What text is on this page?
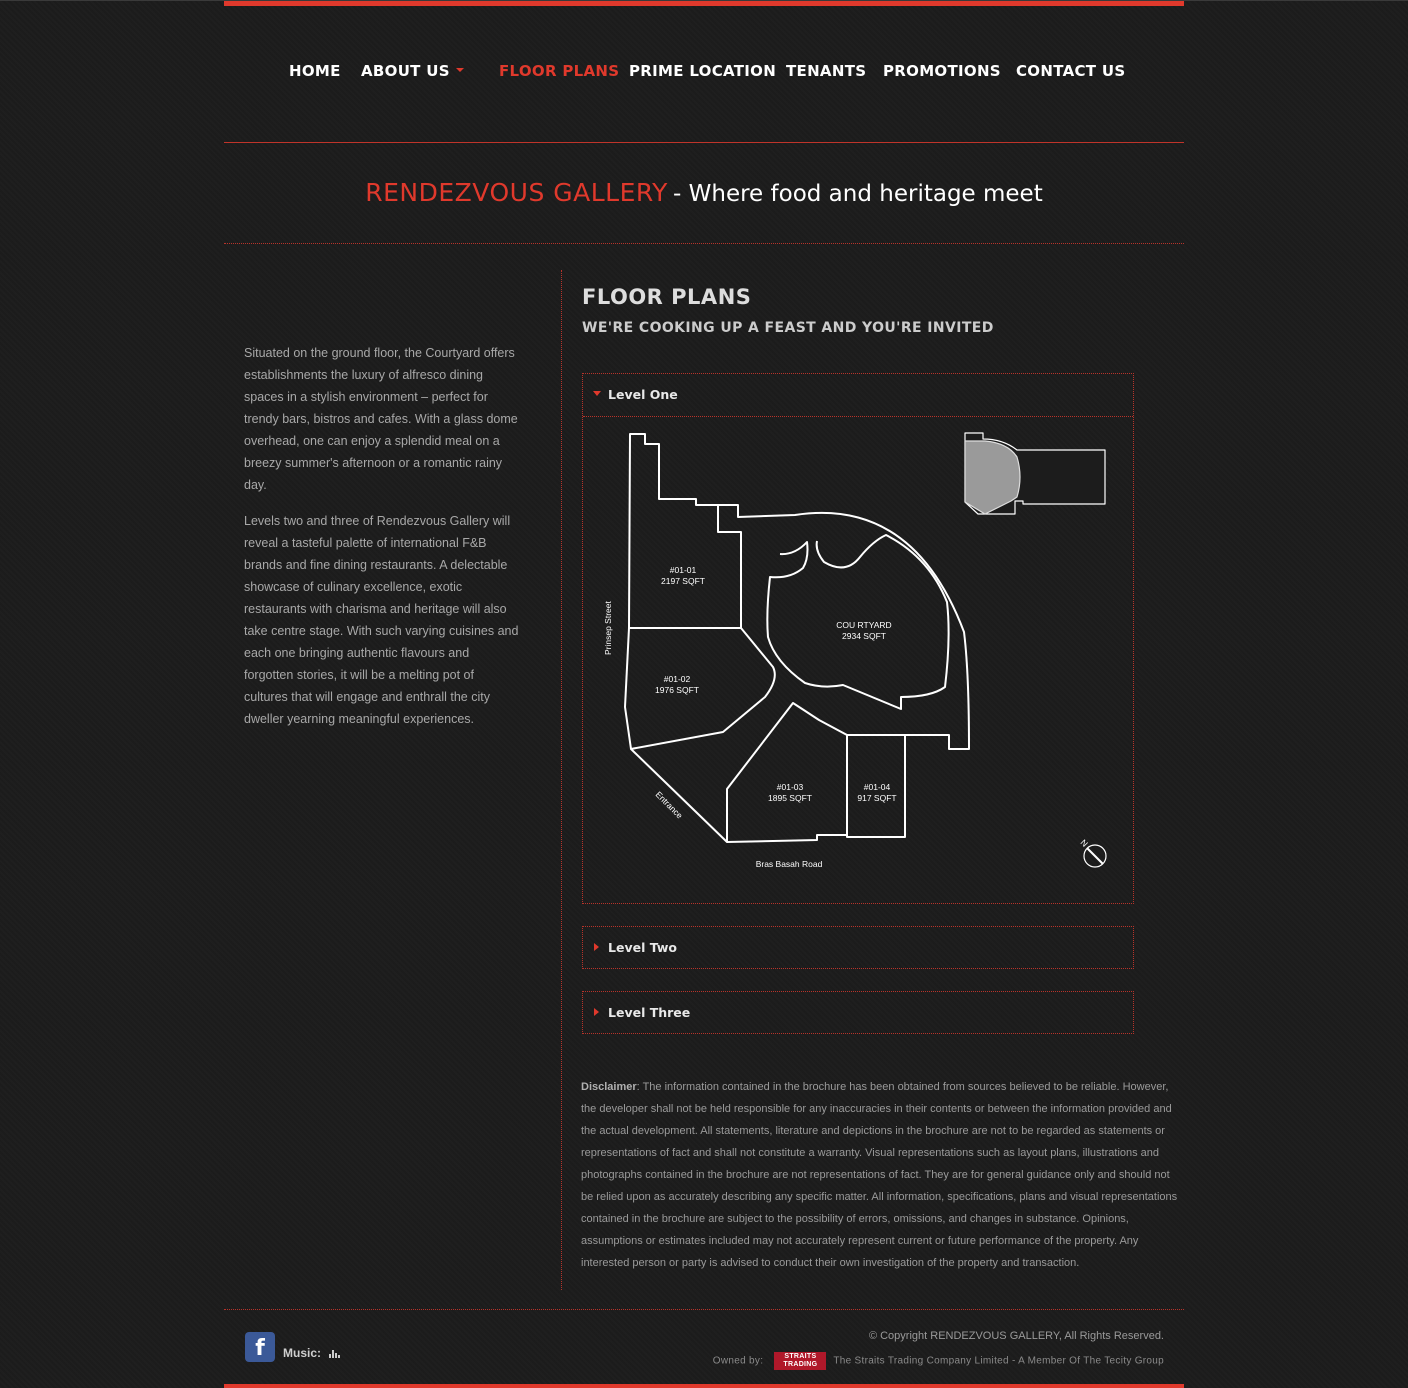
HOME ABOUT US	FLOOR PLANS PRIME LOCATION TENANTS PROMOTIONS CONTACT US
RENDEZVOUS GALLERY - Where food and heritage meet

Situated on the ground floor, the Courtyard offers establishments the luxury of alfresco dining spaces in a stylish environment – perfect for trendy bars, bistros and cafes. With a glass dome overhead, one can enjoy a splendid meal on a breezy summer's afternoon or a romantic rainy day.

Levels two and three of Rendezvous Gallery will reveal a tasteful palette of international F&B brands and fine dining restaurants. A delectable showcase of culinary excellence, exotic restaurants with charisma and heritage will also take centre stage. With such varying cuisines and each one bringing authentic flavours and forgotten stories, it will be a melting pot of cultures that will engage and enthrall the city dweller yearning meaningful experiences.

FLOOR PLANS
WE'RE COOKING UP A FEAST AND YOU'RE INVITED
Level One
#01-01
2197 SQFT
#01-02
1976 SQFT
COU RTYARD
2934 SQFT
#01-03
1895 SQFT
#01-04
917 SQFT
Prinsep Street
Entrance
Bras Basah Road
N
Level Two
Level Three
Disclaimer: The information contained in the brochure has been obtained from sources believed to be reliable. However, the developer shall not be held responsible for any inaccuracies in their contents or between the information provided and the actual development. All statements, literature and depictions in the brochure are not to be regarded as statements or representations of fact and shall not constitute a warranty. Visual representations such as layout plans, illustrations and photographs contained in the brochure are not representations of fact. They are for general guidance only and should not be relied upon as accurately describing any specific matter. All information, specifications, plans and visual representations contained in the brochure are subject to the possibility of errors, omissions, and changes in substance. Opinions, assumptions or estimates included may not accurately represent current or future performance of the property. Any interested person or party is advised to conduct their own investigation of the property and transaction.
f	Music:
© Copyright RENDEZVOUS GALLERY, All Rights Reserved.
Owned by:	STRAITS
TRADING The Straits Trading Company Limited - A Member Of The Tecity Group
